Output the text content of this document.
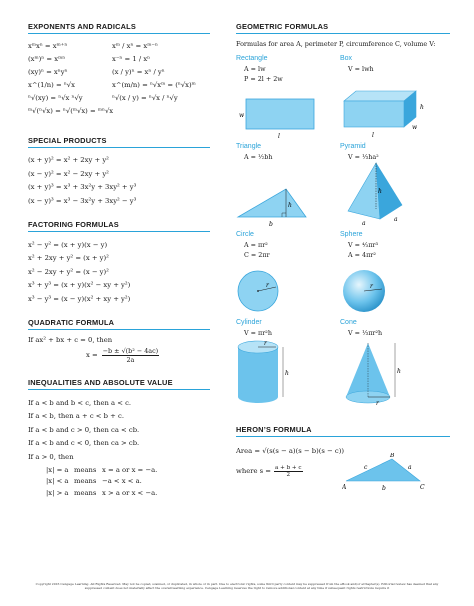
EXPONENTS AND RADICALS
xᵐxⁿ = xᵐ⁺ⁿ	xᵐ / xⁿ = xᵐ⁻ⁿ
(xᵐ)ⁿ = xᵐⁿ	x⁻ⁿ = 1 / xⁿ
(xy)ⁿ = xⁿyⁿ	(x / y)ⁿ = xⁿ / yⁿ
x^(1/n) = ⁿ√x	x^(m/n) = ⁿ√xᵐ = (ⁿ√x)ᵐ
ⁿ√(xy) = ⁿ√x ⁿ√y	ⁿ√(x / y) = ⁿ√x / ⁿ√y
ᵐ√(ⁿ√x) = ⁿ√(ᵐ√x) = ᵐⁿ√x
SPECIAL PRODUCTS
(x + y)² = x² + 2xy + y²
(x − y)² = x² − 2xy + y²
(x + y)³ = x³ + 3x²y + 3xy² + y³
(x − y)³ = x³ − 3x²y + 3xy² − y³
FACTORING FORMULAS
x² − y² = (x + y)(x − y)
x² + 2xy + y² = (x + y)²
x² − 2xy + y² = (x − y)²
x³ + y³ = (x + y)(x² − xy + y²)
x³ − y³ = (x − y)(x² + xy + y²)
QUADRATIC FORMULA
If ax² + bx + c = 0, then
$x = \frac{\text{−b ± √(b² − 4ac)}}{2a}$
INEQUALITIES AND ABSOLUTE VALUE
If a < b and b < c, then a < c.
If a < b, then a + c < b + c.
If a < b and c > 0, then ca < cb.
If a < b and c < 0, then ca > cb.
If a > 0, then
|x| = a means x = a or x = −a.
|x| < a means −a < x < a.
|x| > a means x > a or x < −a.
GEOMETRIC FORMULAS
Formulas for area A, perimeter P, circumference C, volume V:
Rectangle
A = lw
P = 2l + 2w
w
l
Box
V = lwh
h
l
w
Triangle
A = ½bh
h
b
Pyramid
V = ⅓ha²
h
a
a
Circle
A = πr²
C = 2πr
r
Sphere
V = ⁴⁄₃πr³
A = 4πr²
r
Cylinder
V = πr²h
r
h
Cone
V = ⅓πr²h
r
h
HERON’S FORMULA
Area = √(s(s − a)(s − b)(s − c))
where $s = \frac{a + b + c}{2}$
B
A	C
a
b
c
Copyright 2016 Cengage Learning. All Rights Reserved. May not be copied, scanned, or duplicated, in whole or in part. Due to electronic rights, some third party content may be suppressed from the eBook and/or eChapter(s). Editorial review has deemed that any suppressed content does not materially affect the overall learning experience. Cengage Learning reserves the right to remove additional content at any time if subsequent rights restrictions require it
